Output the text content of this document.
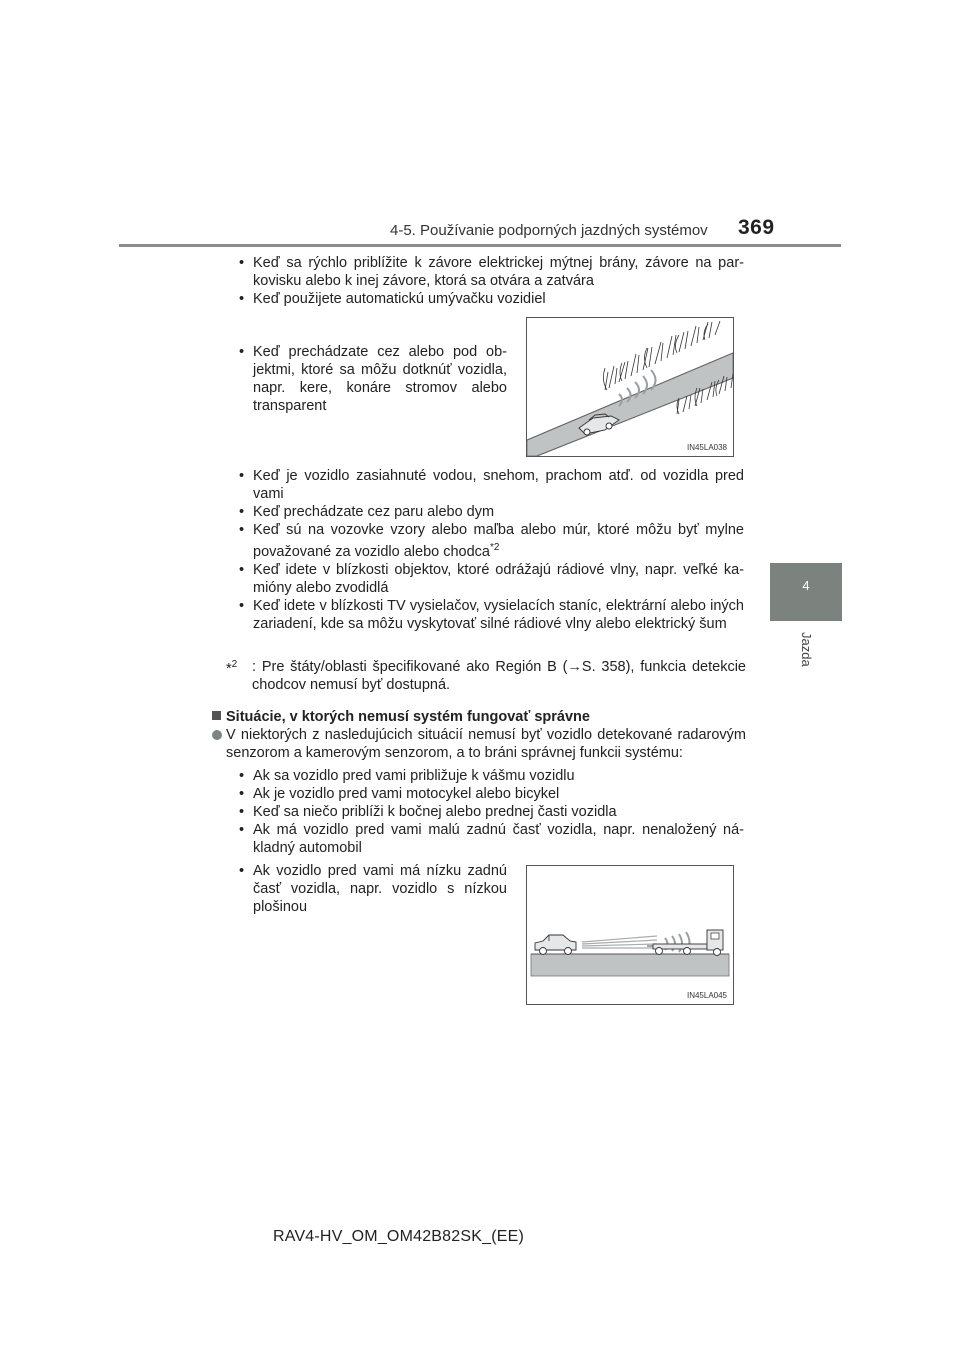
4-5. Používanie podporných jazdných systémov 369
4
Jazda
• Keď sa rýchlo priblížite k závore elektrickej mýtnej brány, závore na parkovisku alebo k inej závore, ktorá sa otvára a zatvára
• Keď použijete automatickú umývačku vozidiel
• Keď prechádzate cez alebo pod objektmi, ktoré sa môžu dotknúť vozidla, napr. kere, konáre stromov alebo transparent
IN45LA038
• Keď je vozidlo zasiahnuté vodou, snehom, prachom atď. od vozidla pred vami
• Keď prechádzate cez paru alebo dym
• Keď sú na vozovke vzory alebo maľba alebo múr, ktoré môžu byť mylne považované za vozidlo alebo chodca$^{*2}$
• Keď idete v blízkosti objektov, ktoré odrážajú rádiové vlny, napr. veľké kamióny alebo zvodidlá
• Keď idete v blízkosti TV vysielačov, vysielacích staníc, elektrární alebo iných zariadení, kde sa môžu vyskytovať silné rádiové vlny alebo elektrický šum
*$^2$ : Pre štáty/oblasti špecifikované ako Región B (→S. 358), funkcia detekcie chodcov nemusí byť dostupná.
Situácie, v ktorých nemusí systém fungovať správne
V niektorých z nasledujúcich situácií nemusí byť vozidlo detekované radarovým senzorom a kamerovým senzorom, a to bráni správnej funkcii systému:
• Ak sa vozidlo pred vami približuje k vášmu vozidlu
• Ak je vozidlo pred vami motocykel alebo bicykel
• Keď sa niečo priblíži k bočnej alebo prednej časti vozidla
• Ak má vozidlo pred vami malú zadnú časť vozidla, napr. nenaložený nákladný automobil
• Ak vozidlo pred vami má nízku zadnú časť vozidla, napr. vozidlo s nízkou plošinou
IN45LA045
RAV4-HV_OM_OM42B82SK_(EE)
